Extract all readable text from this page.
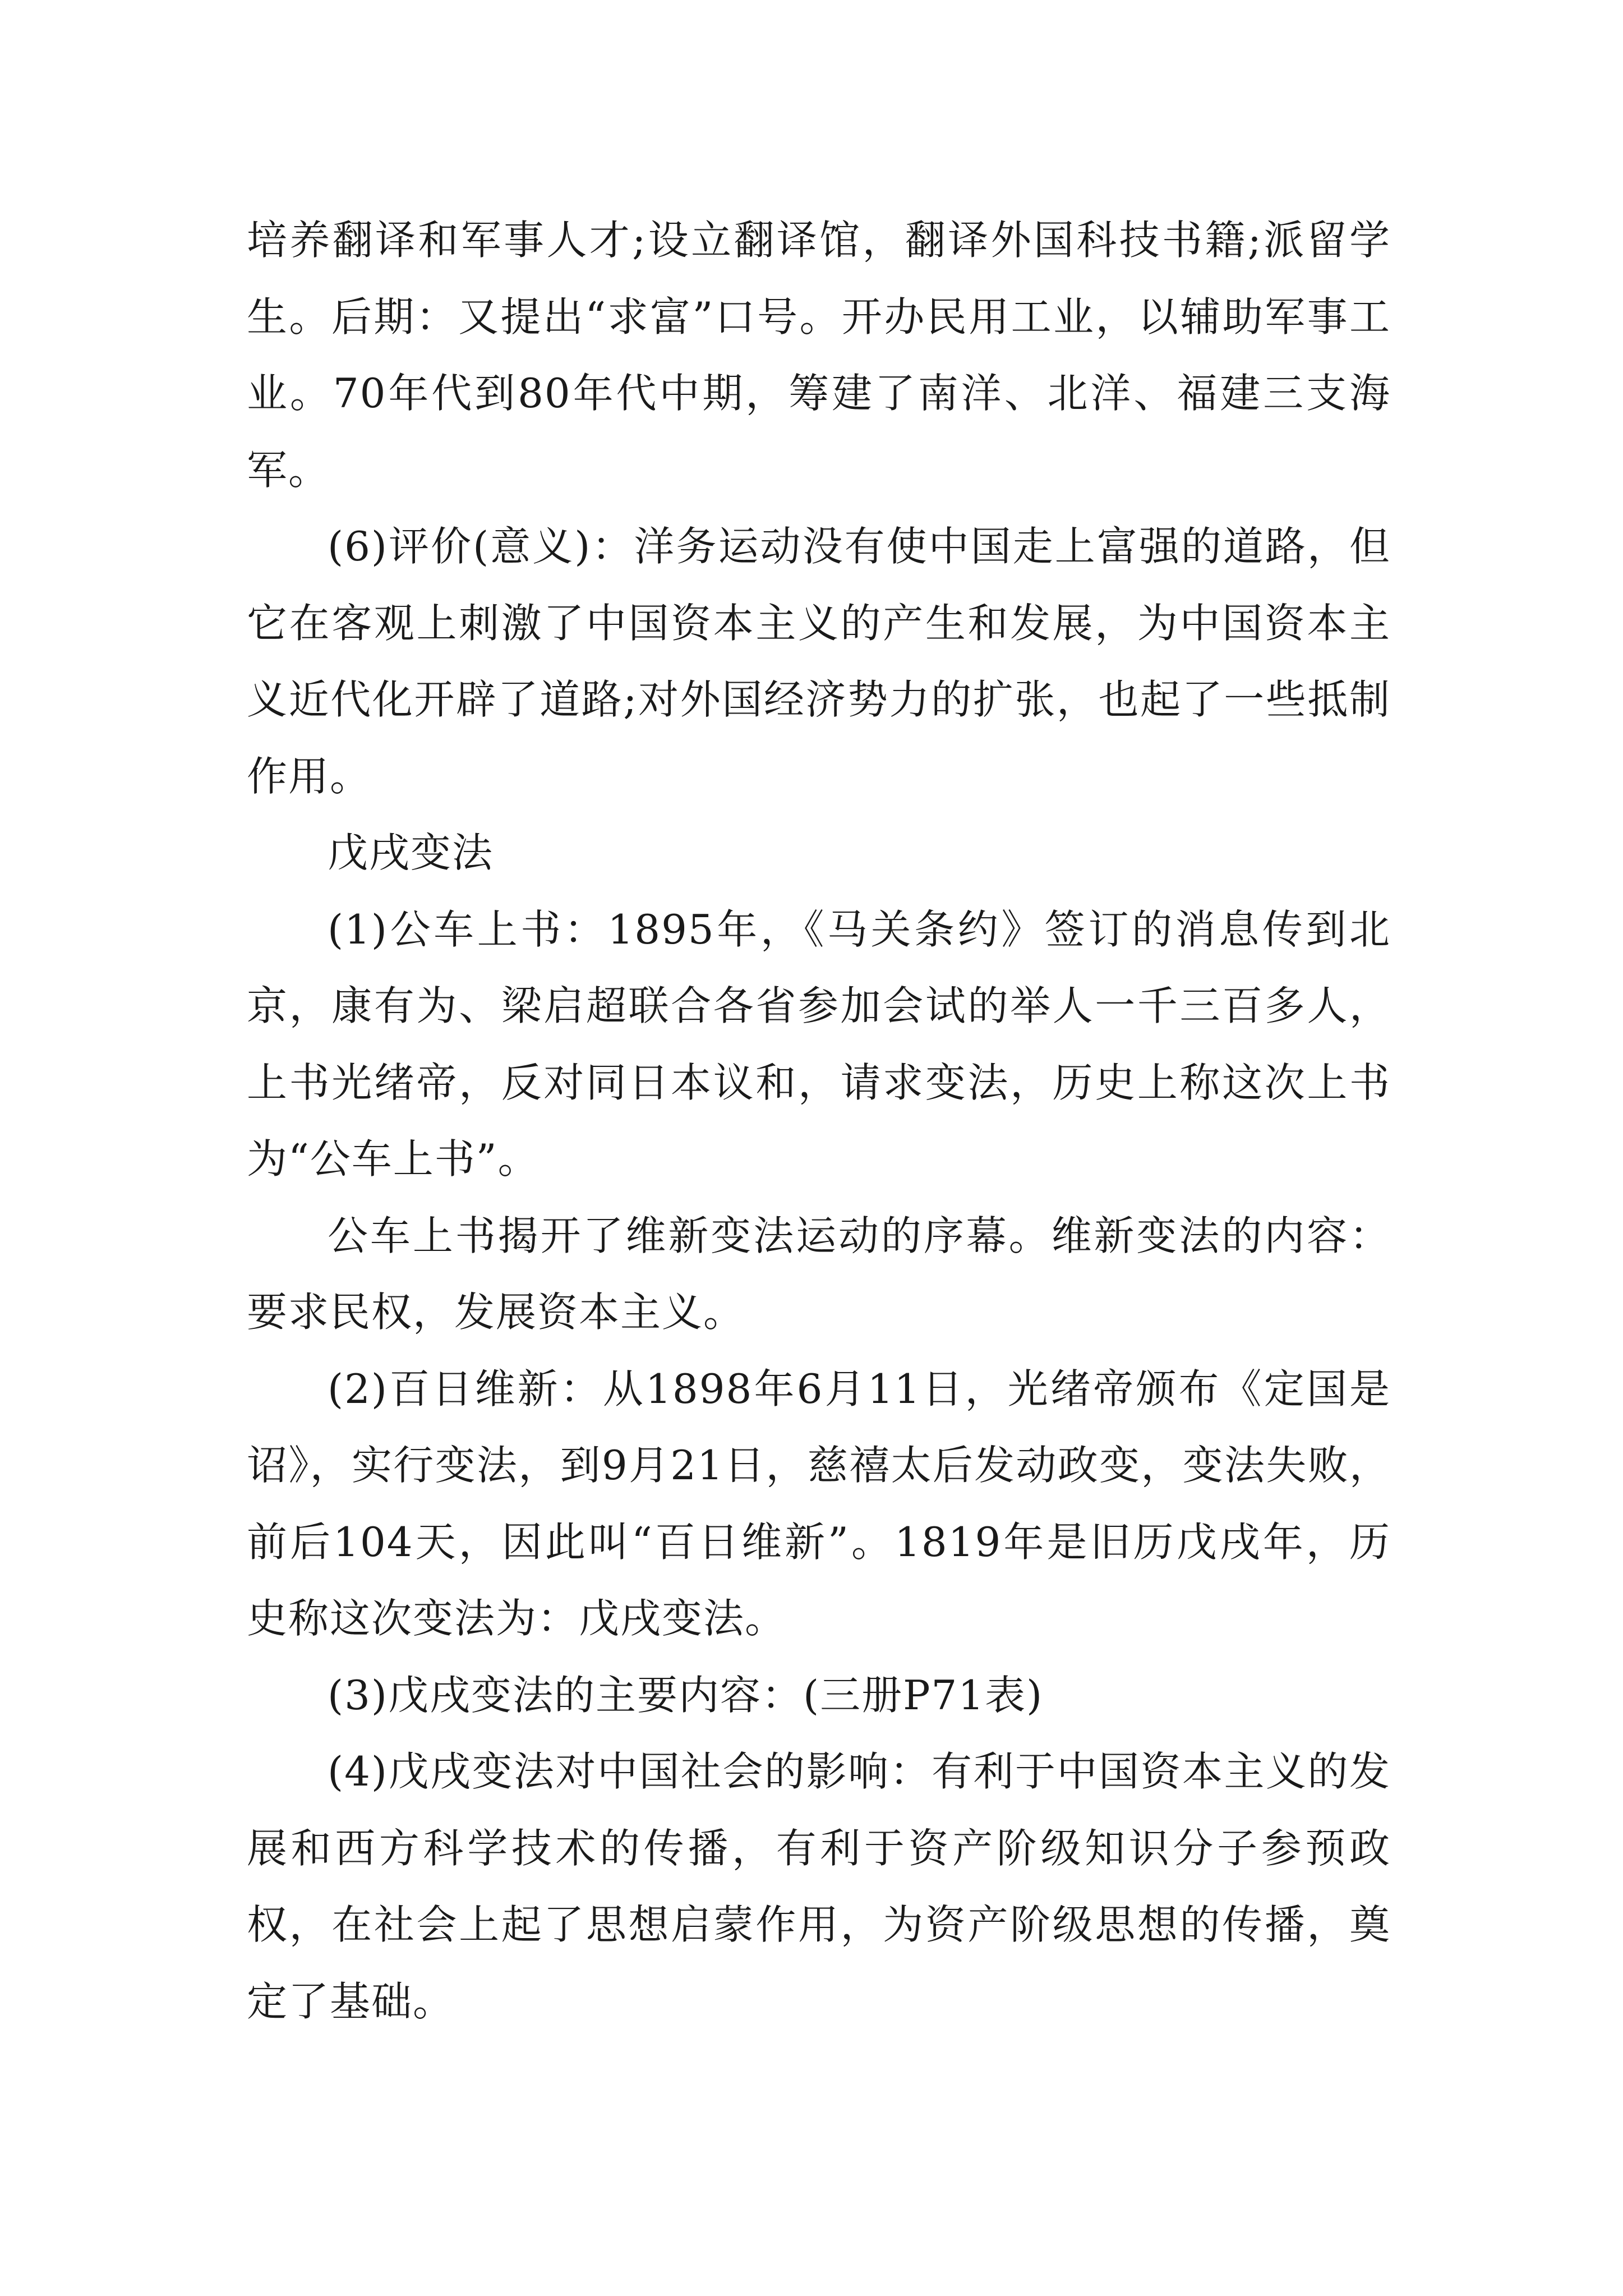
培养翻译和军事人才;设立翻译馆，翻译外国科技书籍;派留学生。后期：又提出“求富”口号。开办民用工业，以辅助军事工业。70年代到80年代中期，筹建了南洋、北洋、福建三支海军。

(6)评价(意义)：洋务运动没有使中国走上富强的道路，但它在客观上刺激了中国资本主义的产生和发展，为中国资本主义近代化开辟了道路;对外国经济势力的扩张，也起了一些抵制作用。

戊戌变法

(1)公车上书：1895年，《马关条约》签订的消息传到北京，康有为、梁启超联合各省参加会试的举人一千三百多人，上书光绪帝，反对同日本议和，请求变法，历史上称这次上书为“公车上书”。

公车上书揭开了维新变法运动的序幕。维新变法的内容：要求民权，发展资本主义。

(2)百日维新：从1898年6月11日，光绪帝颁布《定国是诏》，实行变法，到9月21日，慈禧太后发动政变，变法失败，前后104天，因此叫“百日维新”。1819年是旧历戊戌年，历史称这次变法为：戊戌变法。

(3)戊戌变法的主要内容：(三册P71表)

(4)戊戌变法对中国社会的影响：有利于中国资本主义的发展和西方科学技术的传播，有利于资产阶级知识分子参预政权，在社会上起了思想启蒙作用，为资产阶级思想的传播，奠定了基础。
